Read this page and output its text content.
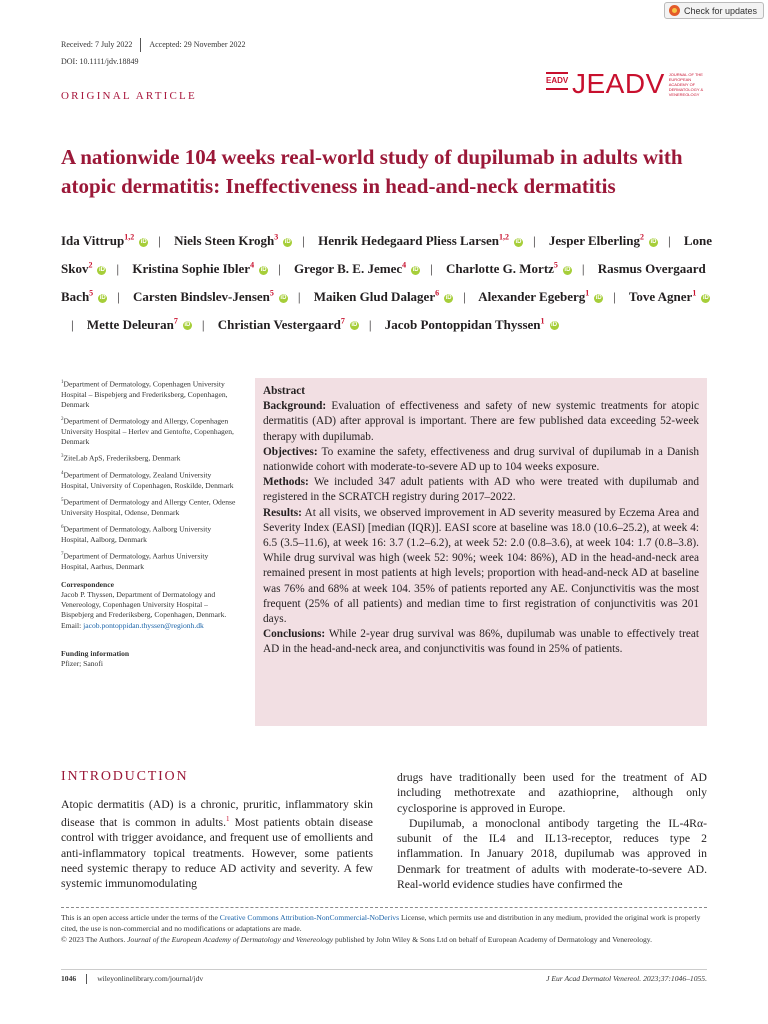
Check for updates
Received: 7 July 2022 Accepted: 29 November 2022
DOI: 10.1111/jdv.18849
EADV JEADV JOURNAL OF THE EUROPEAN ACADEMY OF DERMATOLOGY & VENEREOLOGY
ORIGINAL ARTICLE
A nationwide 104 weeks real-world study of dupilumab in adults with atopic dermatitis: Ineffectiveness in head-and-neck dermatitis
Ida Vittrup$^{1,2}$ iD | Niels Steen Krogh$^3$ iD | Henrik Hedegaard Pliess Larsen$^{1,2}$ iD | Jesper Elberling$^2$ iD | Lone Skov$^2$ iD | Kristina Sophie Ibler$^4$ iD | Gregor B. E. Jemec$^4$ iD | Charlotte G. Mortz$^5$ iD | Rasmus Overgaard Bach$^5$ iD | Carsten Bindslev-Jensen$^5$ iD | Maiken Glud Dalager$^6$ iD | Alexander Egeberg$^1$ iD | Tove Agner$^1$ iD| Mette Deleuran$^7$ iD | Christian Vestergaard$^7$ iD | Jacob Pontoppidan Thyssen$^1$ iD

$^1$Department of Dermatology, Copenhagen University Hospital – Bispebjerg and Frederiksberg, Copenhagen, Denmark

$^2$Department of Dermatology and Allergy, Copenhagen University Hospital – Herlev and Gentofte, Copenhagen, Denmark

$^3$ZiteLab ApS, Frederiksberg, Denmark

$^4$Department of Dermatology, Zealand University Hospital, University of Copenhagen, Roskilde, Denmark

$^5$Department of Dermatology and Allergy Center, Odense University Hospital, Odense, Denmark

$^6$Department of Dermatology, Aalborg University Hospital, Aalborg, Denmark

$^7$Department of Dermatology, Aarhus University Hospital, Aarhus, Denmark

Correspondence

Jacob P. Thyssen, Department of Dermatology and Venereology, Copenhagen University Hospital – Bispebjerg and Frederiksberg, Copenhagen, Denmark.
Email: jacob.pontoppidan.thyssen@regionh.dk

Funding information

Pfizer; Sanofi

Abstract

Background: Evaluation of effectiveness and safety of new systemic treatments for atopic dermatitis (AD) after approval is important. There are few published data exceeding 52-week therapy with dupilumab.

Objectives: To examine the safety, effectiveness and drug survival of dupilumab in a Danish nationwide cohort with moderate-to-severe AD up to 104 weeks exposure.

Methods: We included 347 adult patients with AD who were treated with dupilumab and registered in the SCRATCH registry during 2017–2022.

Results: At all visits, we observed improvement in AD severity measured by Eczema Area and Severity Index (EASI) [median (IQR)]. EASI score at baseline was 18.0 (10.6–25.2), at week 4: 6.5 (3.5–11.6), at week 16: 3.7 (1.2–6.2), at week 52: 2.0 (0.8–3.6), at week 104: 1.7 (0.8–3.8). While drug survival was high (week 52: 90%; week 104: 86%), AD in the head-and-neck area remained present in most patients at high levels; proportion with head-and-neck AD at baseline was 76% and 68% at week 104. 35% of patients reported any AE. Conjunctivitis was the most frequent (25% of all patients) and median time to first registration of conjunctivitis was 201 days.

Conclusions: While 2-year drug survival was 86%, dupilumab was unable to effectively treat AD in the head-and-neck area, and conjunctivitis was found in 25% of patients.

INTRODUCTION

Atopic dermatitis (AD) is a chronic, pruritic, inflammatory skin disease that is common in adults.$^1$ Most patients obtain disease control with trigger avoidance, and frequent use of emollients and anti-inflammatory topical treatments. However, some patients need systemic therapy to reduce AD activity and severity. A few systemic immunomodulating

drugs have traditionally been used for the treatment of AD including methotrexate and azathioprine, although only cyclosporine is approved in Europe.

Dupilumab, a monoclonal antibody targeting the IL-4Rα-subunit of the IL4 and IL13-receptor, reduces type 2 inflammation. In January 2018, dupilumab was approved in Denmark for treatment of adults with moderate-to-severe AD. Real-world evidence studies have confirmed the

This is an open access article under the terms of the Creative Commons Attribution-NonCommercial-NoDerivs License, which permits use and distribution in any medium, provided the original work is properly cited, the use is non-commercial and no modifications or adaptations are made.
© 2023 The Authors. Journal of the European Academy of Dermatology and Venereology published by John Wiley & Sons Ltd on behalf of European Academy of Dermatology and Venereology.
1046	wileyonlinelibrary.com/journal/jdv	J Eur Acad Dermatol Venereol. 2023;37:1046–1055.
